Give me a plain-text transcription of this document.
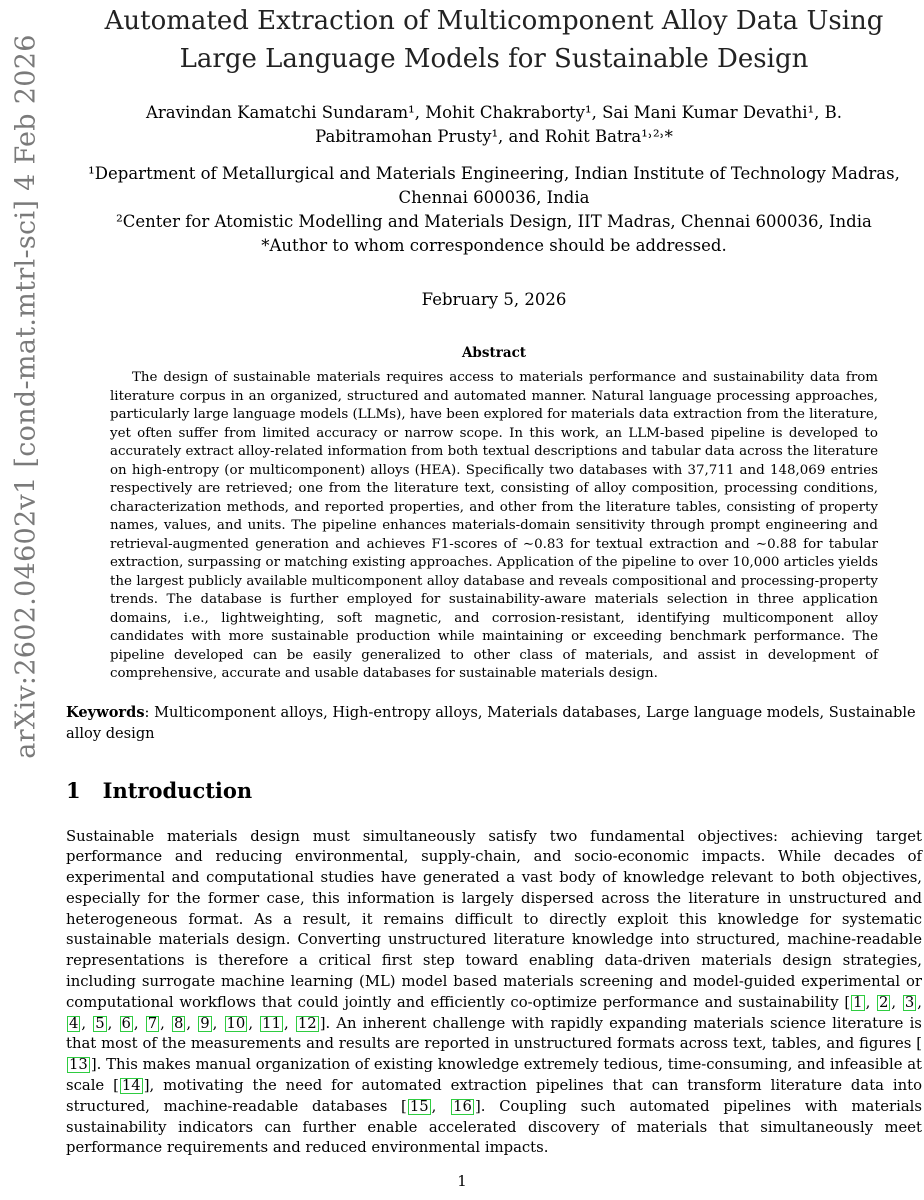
arXiv:2602.04602v1 [cond-mat.mtrl-sci] 4 Feb 2026
Automated Extraction of Multicomponent Alloy Data Using Large Language Models for Sustainable Design
Aravindan Kamatchi Sundaram¹, Mohit Chakraborty¹, Sai Mani Kumar Devathi¹, B. Pabitramohan Prusty¹, and Rohit Batra¹˒²˒*
¹Department of Metallurgical and Materials Engineering, Indian Institute of Technology Madras, Chennai 600036, India
²Center for Atomistic Modelling and Materials Design, IIT Madras, Chennai 600036, India
*Author to whom correspondence should be addressed.
February 5, 2026
Abstract

The design of sustainable materials requires access to materials performance and sustainability data from literature corpus in an organized, structured and automated manner. Natural language processing approaches, particularly large language models (LLMs), have been explored for materials data extraction from the literature, yet often suffer from limited accuracy or narrow scope. In this work, an LLM-based pipeline is developed to accurately extract alloy-related information from both textual descriptions and tabular data across the literature on high-entropy (or multicomponent) alloys (HEA). Specifically two databases with 37,711 and 148,069 entries respectively are retrieved; one from the literature text, consisting of alloy composition, processing conditions, characterization methods, and reported properties, and other from the literature tables, consisting of property names, values, and units. The pipeline enhances materials-domain sensitivity through prompt engineering and retrieval-augmented generation and achieves F1-scores of ∼0.83 for textual extraction and ∼0.88 for tabular extraction, surpassing or matching existing approaches. Application of the pipeline to over 10,000 articles yields the largest publicly available multicomponent alloy database and reveals compositional and processing-property trends. The database is further employed for sustainability-aware materials selection in three application domains, i.e., lightweighting, soft magnetic, and corrosion-resistant, identifying multicomponent alloy candidates with more sustainable production while maintaining or exceeding benchmark performance. The pipeline developed can be easily generalized to other class of materials, and assist in development of comprehensive, accurate and usable databases for sustainable materials design.

Keywords: Multicomponent alloys, High-entropy alloys, Materials databases, Large language models, Sustainable alloy design
1 Introduction

Sustainable materials design must simultaneously satisfy two fundamental objectives: achieving target performance and reducing environmental, supply-chain, and socio-economic impacts. While decades of experimental and computational studies have generated a vast body of knowledge relevant to both objectives, especially for the former case, this information is largely dispersed across the literature in unstructured and heterogeneous format. As a result, it remains difficult to directly exploit this knowledge for systematic sustainable materials design. Converting unstructured literature knowledge into structured, machine-readable representations is therefore a critical first step toward enabling data-driven materials design strategies, including surrogate machine learning (ML) model based materials screening and model-guided experimental or computational workflows that could jointly and efficiently co-optimize performance and sustainability [ 1 , 2 , 3 , 4 , 5 , 6 , 7 , 8 , 9 , 10 , 11 , 12 ]. An inherent challenge with rapidly expanding materials science literature is that most of the measurements and results are reported in unstructured formats across text, tables, and figures [13 ]. This makes manual organization of existing knowledge extremely tedious, time-consuming, and infeasible at scale [ 14 ], motivating the need for automated extraction pipelines that can transform literature data into structured, machine-readable databases [ 15 , 16 ]. Coupling such automated pipelines with materials sustainability indicators can further enable accelerated discovery of materials that simultaneously meet performance requirements and reduced environmental impacts.

1
